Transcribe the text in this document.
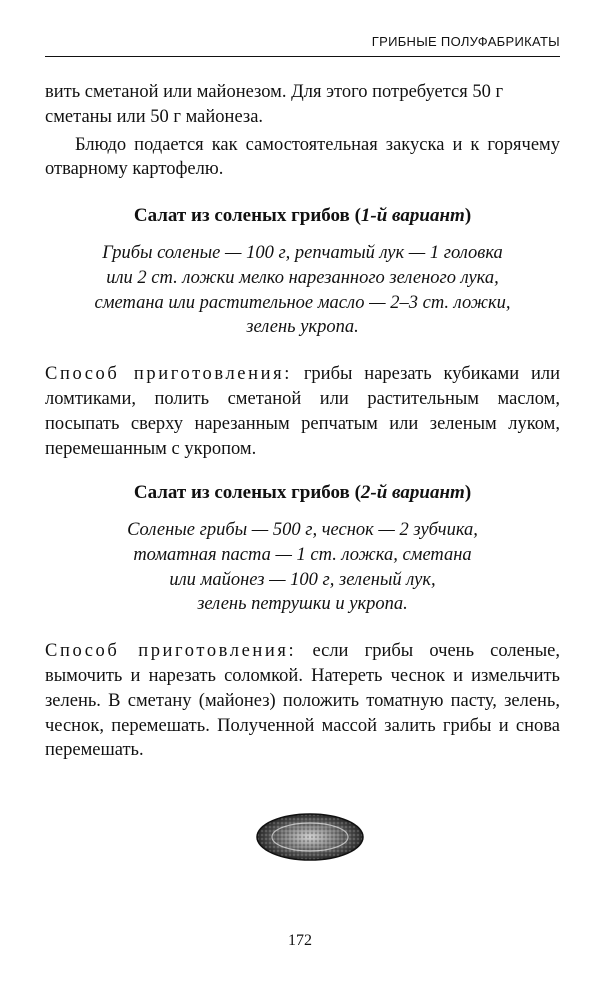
ГРИБНЫЕ ПОЛУФАБРИКАТЫ

вить сметаной или майонезом. Для этого потребуется 50 г

сметаны или 50 г майонеза.

Блюдо подается как самостоятельная закуска и к горячему отварному картофелю.

Салат из соленых грибов (1-й вариант)

Грибы соленые — 100 г, репчатый лук — 1 головка

или 2 ст. ложки мелко нарезанного зеленого лука,

сметана или растительное масло — 2–3 ст. ложки,

зелень укропа.

Способ приготовления: грибы нарезать кубиками или ломтиками, полить сметаной или растительным маслом, посыпать сверху нарезанным репчатым или зеленым луком, перемешанным с укропом.

Салат из соленых грибов (2-й вариант)

Соленые грибы — 500 г, чеснок — 2 зубчика,

томатная паста — 1 ст. ложка, сметана

или майонез — 100 г, зеленый лук,

зелень петрушки и укропа.

Способ приготовления: если грибы очень соленые, вымочить и нарезать соломкой. Натереть чеснок и измельчить зелень. В сметану (майонез) положить томатную пасту, зелень, чеснок, перемешать. Полученной массой залить грибы и снова перемешать.

172
